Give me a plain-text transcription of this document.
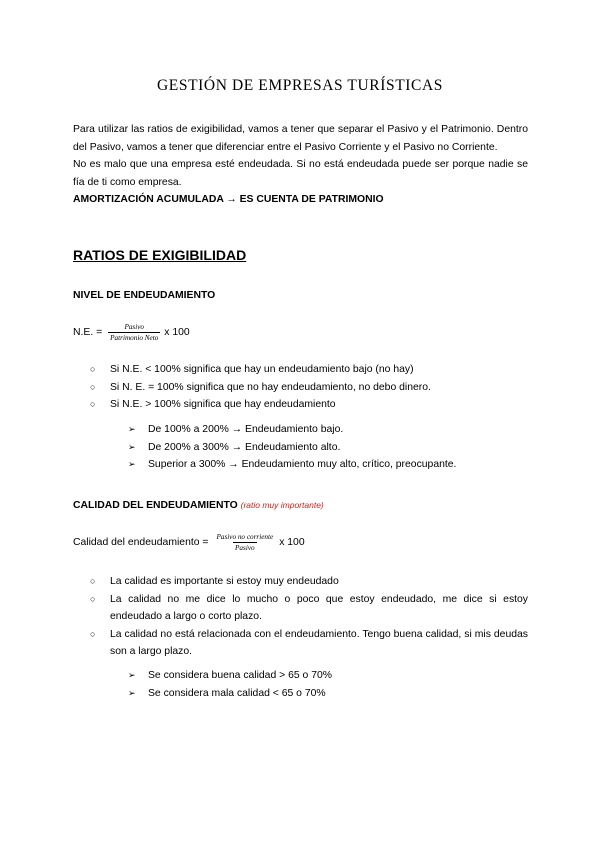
GESTIÓN DE EMPRESAS TURÍSTICAS

Para utilizar las ratios de exigibilidad, vamos a tener que separar el Pasivo y el Patrimonio. Dentro del Pasivo, vamos a tener que diferenciar entre el Pasivo Corriente y el Pasivo no Corriente.

No es malo que una empresa esté endeudada. Si no está endeudada puede ser porque nadie se fía de ti como empresa.

AMORTIZACIÓN ACUMULADA → ES CUENTA DE PATRIMONIO

RATIOS DE EXIGIBILIDAD
NIVEL DE ENDEUDAMIENTO
N.E. = $\frac{\text{Pasivo}}{\text{Patrimonio Neto}}$ x 100
○ Si N.E. < 100% significa que hay un endeudamiento bajo (no hay)
○ Si N. E. = 100% significa que no hay endeudamiento, no debo dinero.
○ Si N.E. > 100% significa que hay endeudamiento
➢ De 100% a 200% → Endeudamiento bajo.
➢ De 200% a 300% → Endeudamiento alto.
➢ Superior a 300% → Endeudamiento muy alto, crítico, preocupante.
CALIDAD DEL ENDEUDAMIENTO (ratio muy importante)
Calidad del endeudamiento = $\frac{\text{Pasivo no corriente}}{\text{Pasivo}}$ x 100
○ La calidad es importante si estoy muy endeudado
○ La calidad no me dice lo mucho o poco que estoy endeudado, me dice si estoy endeudado a largo o corto plazo.
○ La calidad no está relacionada con el endeudamiento. Tengo buena calidad, si mis deudas son a largo plazo.
➢ Se considera buena calidad > 65 o 70%
➢ Se considera mala calidad < 65 o 70%
